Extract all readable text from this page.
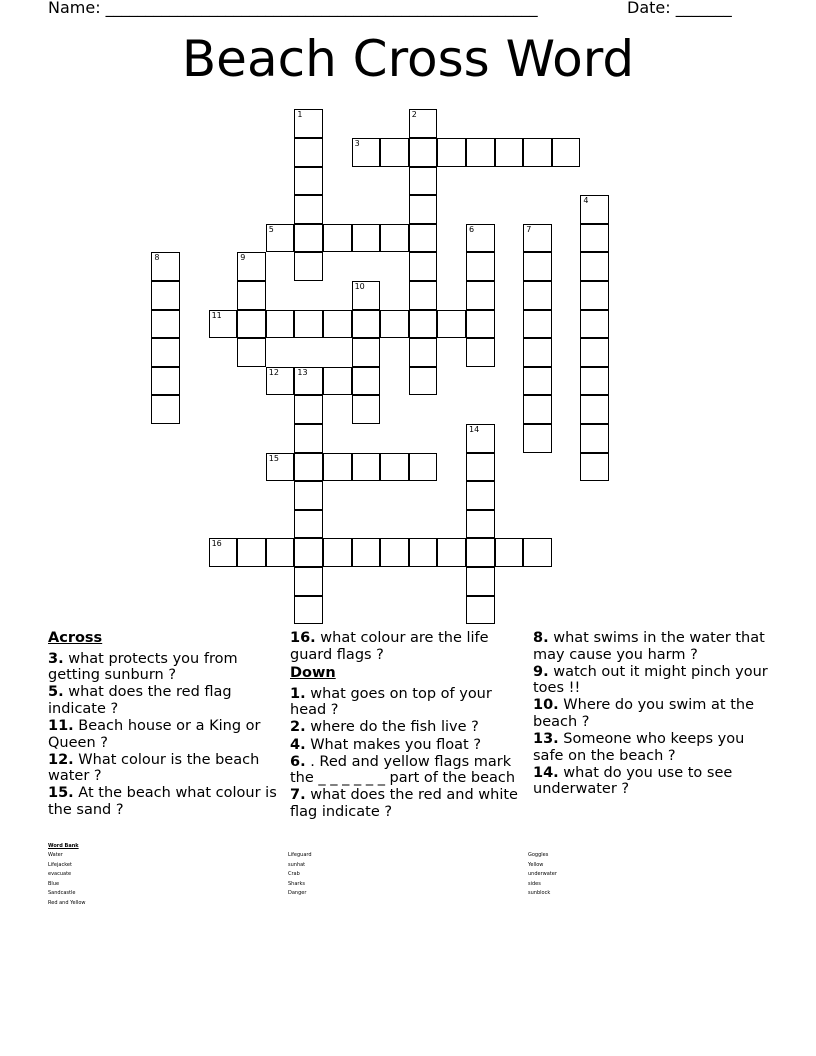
Name: ______________________________________________________	Date: _______
Beach Cross Word
1	2
3
4
5	6	7
8	9
10
11
12 13
14
15
16
Across
3. what protects you from getting sunburn ?
5. what does the red flag indicate ?
11. Beach house or a King or Queen ?
12. What colour is the beach water ?
15. At the beach what colour is the sand ?
16. what colour are the life guard flags ?
Down
1. what goes on top of your head ?
2. where do the fish live ?
4. What makes you float ?
6. . Red and yellow flags mark the _ _ _ _ _ _ part of the beach
7. what does the red and white flag indicate ?
8. what swims in the water that may cause you harm ?
9. watch out it might pinch your toes !!
10. Where do you swim at the beach ?
13. Someone who keeps you safe on the beach ?
14. what do you use to see underwater ?
Word Bank
Water
Lifejacket
evacuate
Blue
Sandcastle
Red and Yellow
Lifeguard
sunhat
Crab
Sharks
Danger
Goggles
Yellow
underwater
sides
sunblock
